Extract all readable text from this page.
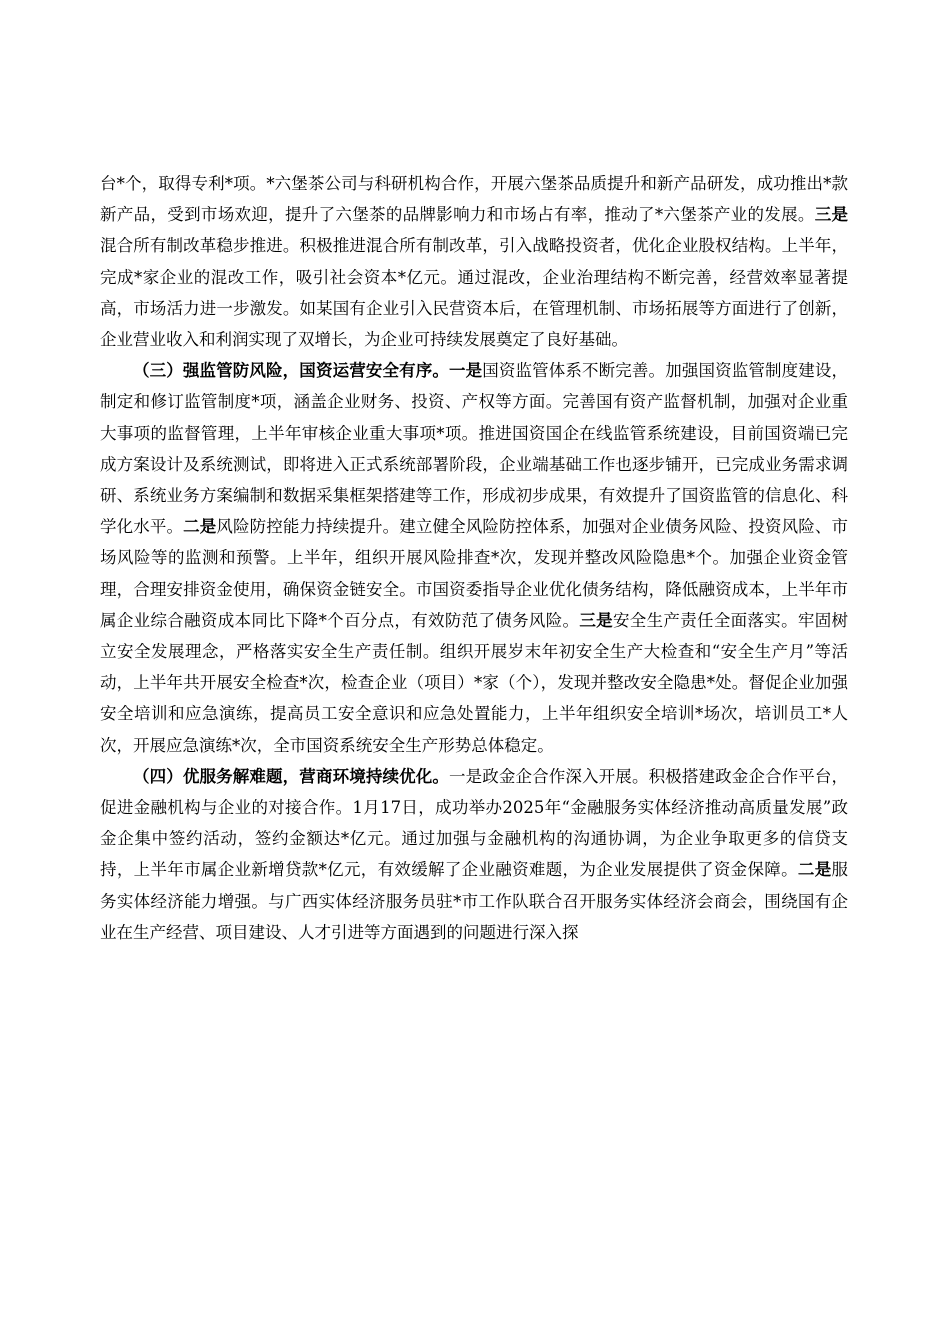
台*个，取得专利*项。*六堡茶公司与科研机构合作，开展六堡茶品质提升和新产品研发，成功推出*款新产品，受到市场欢迎，提升了六堡茶的品牌影响力和市场占有率，推动了*六堡茶产业的发展。三是混合所有制改革稳步推进。积极推进混合所有制改革，引入战略投资者，优化企业股权结构。上半年，完成*家企业的混改工作，吸引社会资本*亿元。通过混改，企业治理结构不断完善，经营效率显著提高，市场活力进一步激发。如某国有企业引入民营资本后，在管理机制、市场拓展等方面进行了创新，企业营业收入和利润实现了双增长，为企业可持续发展奠定了良好基础。

（三）强监管防风险，国资运营安全有序。一是国资监管体系不断完善。加强国资监管制度建设，制定和修订监管制度*项，涵盖企业财务、投资、产权等方面。完善国有资产监督机制，加强对企业重大事项的监督管理，上半年审核企业重大事项*项。推进国资国企在线监管系统建设，目前国资端已完成方案设计及系统测试，即将进入正式系统部署阶段，企业端基础工作也逐步铺开，已完成业务需求调研、系统业务方案编制和数据采集框架搭建等工作，形成初步成果，有效提升了国资监管的信息化、科学化水平。二是风险防控能力持续提升。建立健全风险防控体系，加强对企业债务风险、投资风险、市场风险等的监测和预警。上半年，组织开展风险排查*次，发现并整改风险隐患*个。加强企业资金管理，合理安排资金使用，确保资金链安全。市国资委指导企业优化债务结构，降低融资成本，上半年市属企业综合融资成本同比下降*个百分点，有效防范了债务风险。三是安全生产责任全面落实。牢固树立安全发展理念，严格落实安全生产责任制。组织开展岁末年初安全生产大检查和“安全生产月”等活动，上半年共开展安全检查*次，检查企业（项目）*家（个），发现并整改安全隐患*处。督促企业加强安全培训和应急演练，提高员工安全意识和应急处置能力，上半年组织安全培训*场次，培训员工*人次，开展应急演练*次，全市国资系统安全生产形势总体稳定。

（四）优服务解难题，营商环境持续优化。一是政金企合作深入开展。积极搭建政金企合作平台，促进金融机构与企业的对接合作。1月17日，成功举办2025年“金融服务实体经济推动高质量发展”政金企集中签约活动，签约金额达*亿元。通过加强与金融机构的沟通协调，为企业争取更多的信贷支持，上半年市属企业新增贷款*亿元，有效缓解了企业融资难题，为企业发展提供了资金保障。二是服务实体经济能力增强。与广西实体经济服务员驻*市工作队联合召开服务实体经济会商会，围绕国有企业在生产经营、项目建设、人才引进等方面遇到的问题进行深入探
